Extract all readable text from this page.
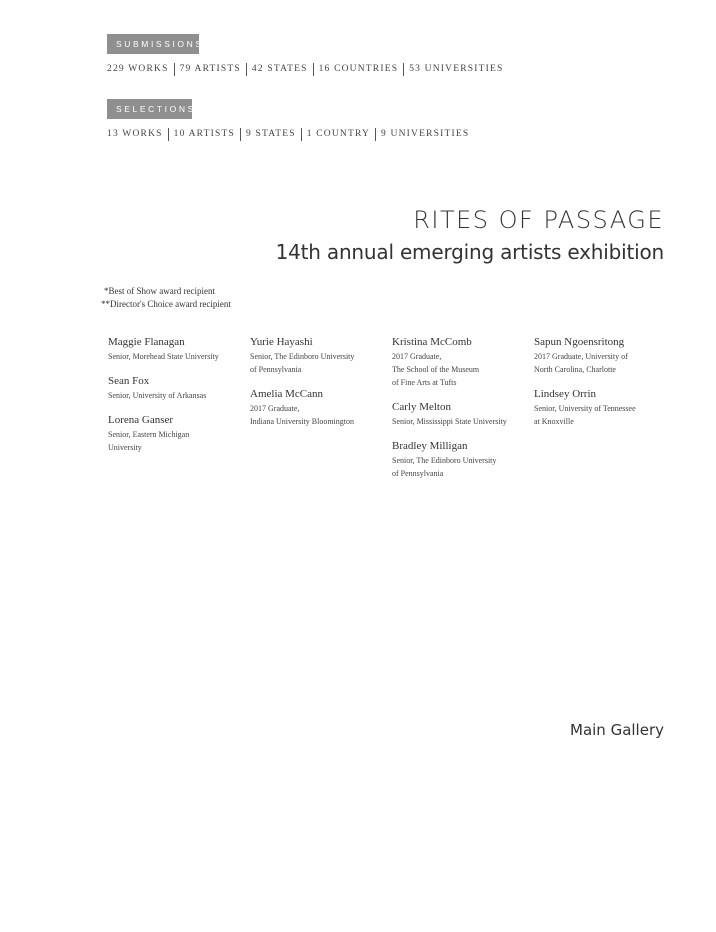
SUBMISSIONS
229 WORKS	79 ARTISTS	42 STATES	16 COUNTRIES	53 UNIVERSITIES
SELECTIONS
13 WORKS	10 ARTISTS	9 STATES	1 COUNTRY	9 UNIVERSITIES
RITES OF PASSAGE
14th annual emerging artists exhibition
*Best of Show award recipient
**Director's Choice award recipient
Maggie Flanagan
Senior, Morehead State University
Sean Fox
Senior, University of Arkansas
Lorena Ganser
Senior, Eastern Michigan
University
Yurie Hayashi
Senior, The Edinboro University
of Pennsylvania
Amelia McCann
2017 Graduate,
Indiana University Bloomington
Kristina McComb
2017 Graduate,
The School of the Museum
of Fine Arts at Tufts
Carly Melton
Senior, Mississippi State University
Bradley Milligan
Senior, The Edinboro University
of Pennsylvania
Sapun Ngoensritong
2017 Graduate, University of
North Carolina, Charlotte
Lindsey Orrin
Senior, University of Tennessee
at Knoxville
Main Gallery
